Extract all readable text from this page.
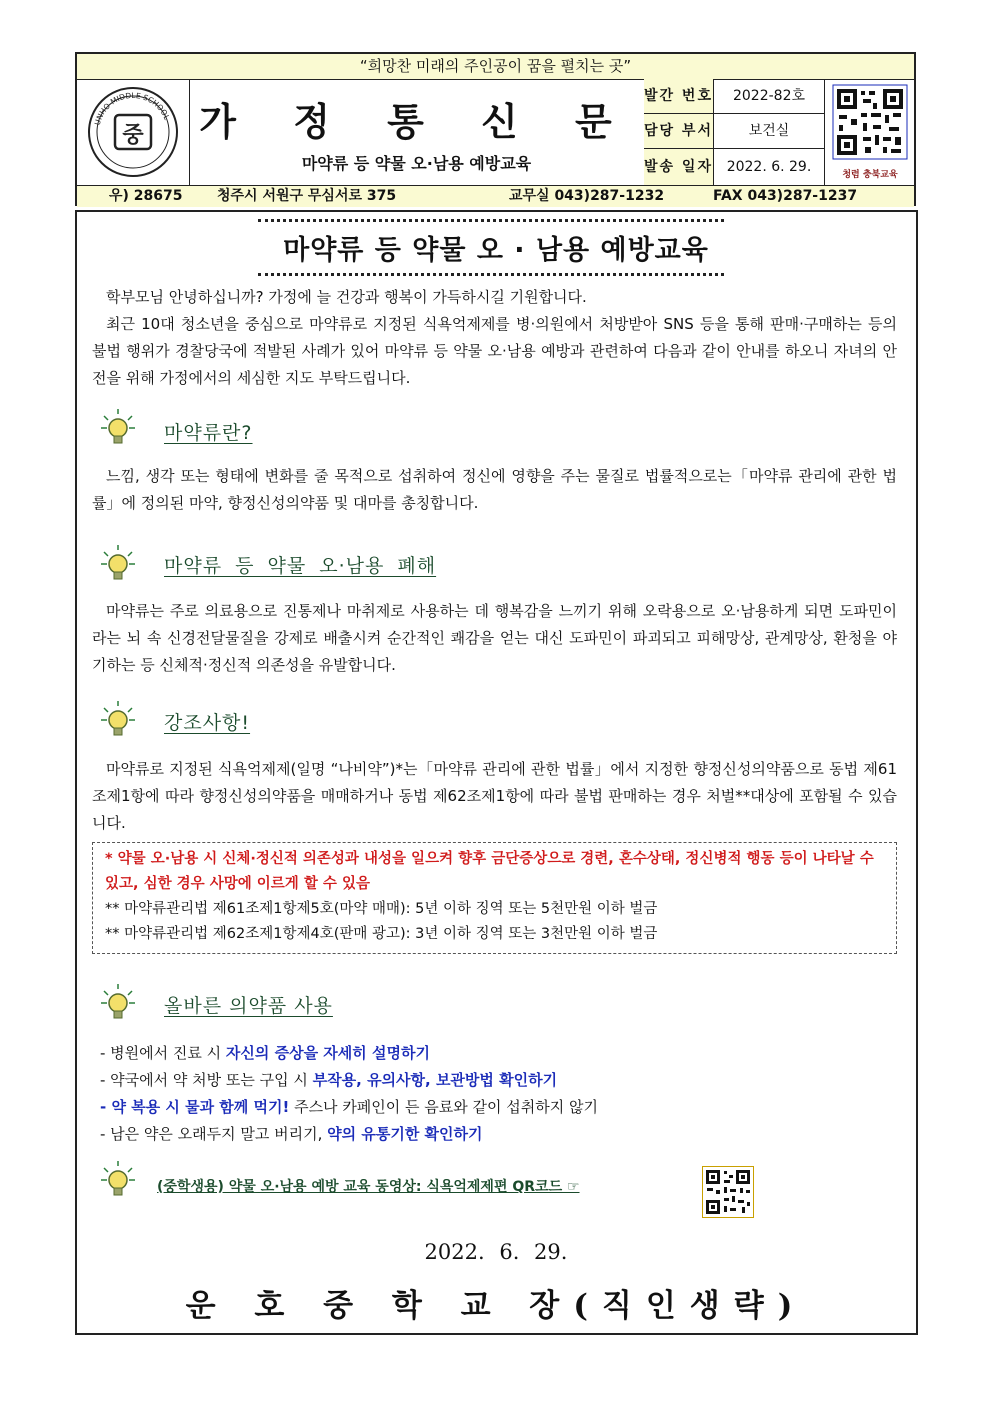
“희망찬 미래의 주인공이 꿈을 펼치는 곳”
UNHO MIDDLE SCHOOL
중 가 정 통 신 문
마약류 등 약물 오·남용 예방교육
발간 번호	2022-82호
담당 부서	보건실
발송 일자 2022. 6. 29.	청렴 충북교육
우) 28675 청주시 서원구 무심서로 375	교무실 043)287-1232	FAX 043)287-1237
마약류 등 약물 오 · 남용 예방교육
학부모님 안녕하십니까? 가정에 늘 건강과 행복이 가득하시길 기원합니다.
최근 10대 청소년을 중심으로 마약류로 지정된 식욕억제제를 병·의원에서 처방받아 SNS 등을 통해 판매·구매하는 등의 불법 행위가 경찰당국에 적발된 사례가 있어 마약류 등 약물 오·남용 예방과 관련하여 다음과 같이 안내를 하오니 자녀의 안전을 위해 가정에서의 세심한 지도 부탁드립니다.
마약류란?
느낌, 생각 또는 형태에 변화를 줄 목적으로 섭취하여 정신에 영향을 주는 물질로 법률적으로는「마약류 관리에 관한 법률」에 정의된 마약, 향정신성의약품 및 대마를 총칭합니다.
마약류 등 약물 오·남용 폐해
마약류는 주로 의료용으로 진통제나 마취제로 사용하는 데 행복감을 느끼기 위해 오락용으로 오·남용하게 되면 도파민이라는 뇌 속 신경전달물질을 강제로 배출시켜 순간적인 쾌감을 얻는 대신 도파민이 파괴되고 피해망상, 관계망상, 환청을 야기하는 등 신체적·정신적 의존성을 유발합니다.
강조사항!
마약류로 지정된 식욕억제제(일명 “나비약”)*는「마약류 관리에 관한 법률」에서 지정한 향정신성의약품으로 동법 제61조제1항에 따라 향정신성의약품을 매매하거나 동법 제62조제1항에 따라 불법 판매하는 경우 처벌**대상에 포함될 수 있습니다.
* 약물 오·남용 시 신체·정신적 의존성과 내성을 일으켜 향후 금단증상으로 경련, 혼수상태, 정신병적 행동 등이 나타날 수 있고, 심한 경우 사망에 이르게 할 수 있음
** 마약류관리법 제61조제1항제5호(마약 매매): 5년 이하 징역 또는 5천만원 이하 벌금
** 마약류관리법 제62조제1항제4호(판매 광고): 3년 이하 징역 또는 3천만원 이하 벌금
올바른 의약품 사용
- 병원에서 진료 시 자신의 증상을 자세히 설명하기
- 약국에서 약 처방 또는 구입 시 부작용, 유의사항, 보관방법 확인하기
- 약 복용 시 물과 함께 먹기! 주스나 카페인이 든 음료와 같이 섭취하지 않기
- 남은 약은 오래두지 말고 버리기, 약의 유통기한 확인하기
(중학생용) 약물 오·남용 예방 교육 동영상: 식욕억제제편 QR코드 ☞
2022. 6. 29.
운 호 중 학 교 장(직인생략)
